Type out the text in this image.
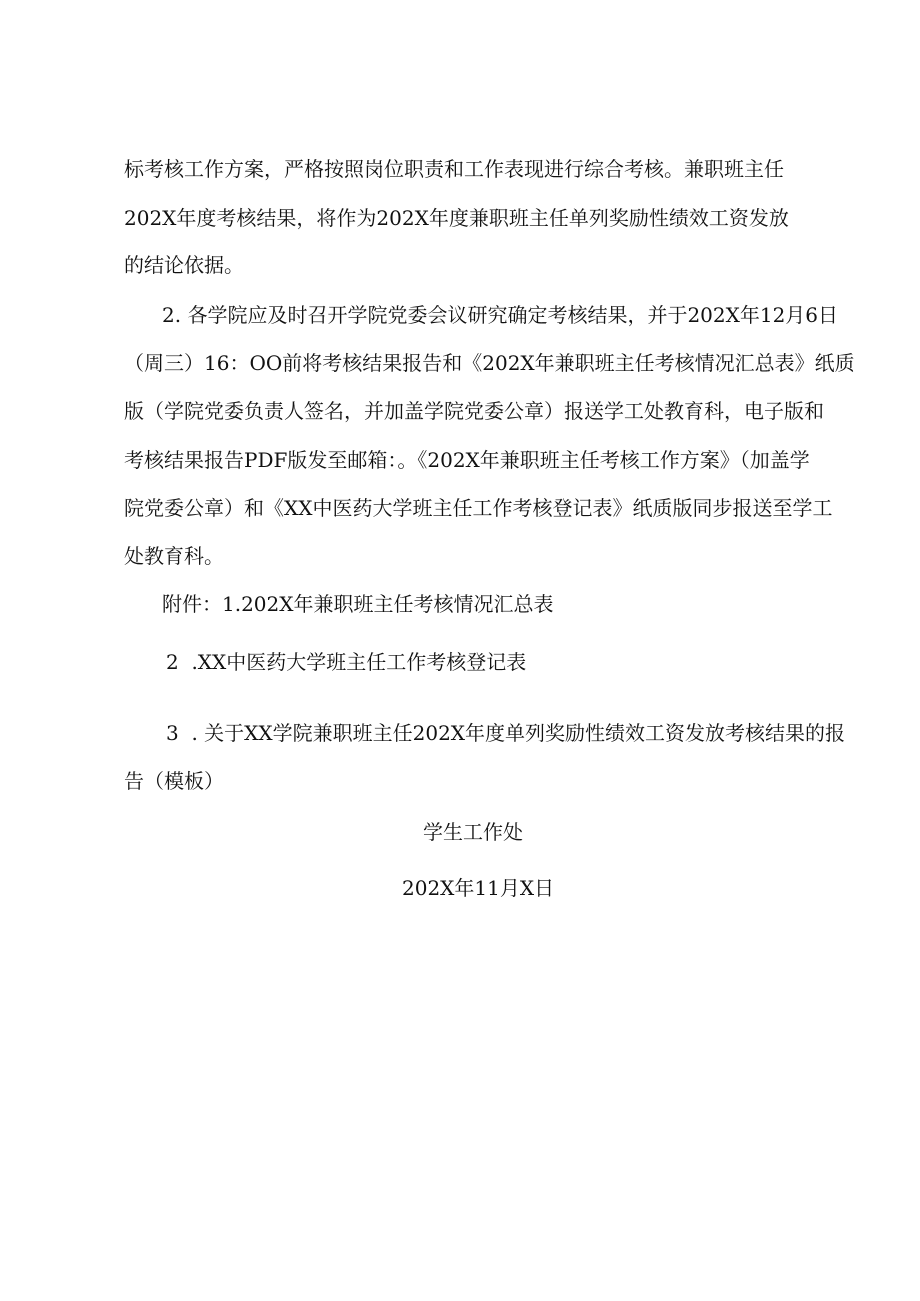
标考核工作方案，严格按照岗位职责和工作表现进行综合考核。兼职班主任

202X年度考核结果，将作为202X年度兼职班主任单列奖励性绩效工资发放

的结论依据。

2. 各学院应及时召开学院党委会议研究确定考核结果，并于202X年12月6日

（周三）16：OO前将考核结果报告和《202X年兼职班主任考核情况汇总表》纸质

版（学院党委负责人签名，并加盖学院党委公章）报送学工处教育科，电子版和

考核结果报告PDF版发至邮箱：。《202X年兼职班主任考核工作方案》（加盖学

院党委公章）和《XX中医药大学班主任工作考核登记表》纸质版同步报送至学工

处教育科。

附件：1.202X年兼职班主任考核情况汇总表

2  .XX中医药大学班主任工作考核登记表

3  . 关于XX学院兼职班主任202X年度单列奖励性绩效工资发放考核结果的报

告（模板）

学生工作处

202X年11月X日
